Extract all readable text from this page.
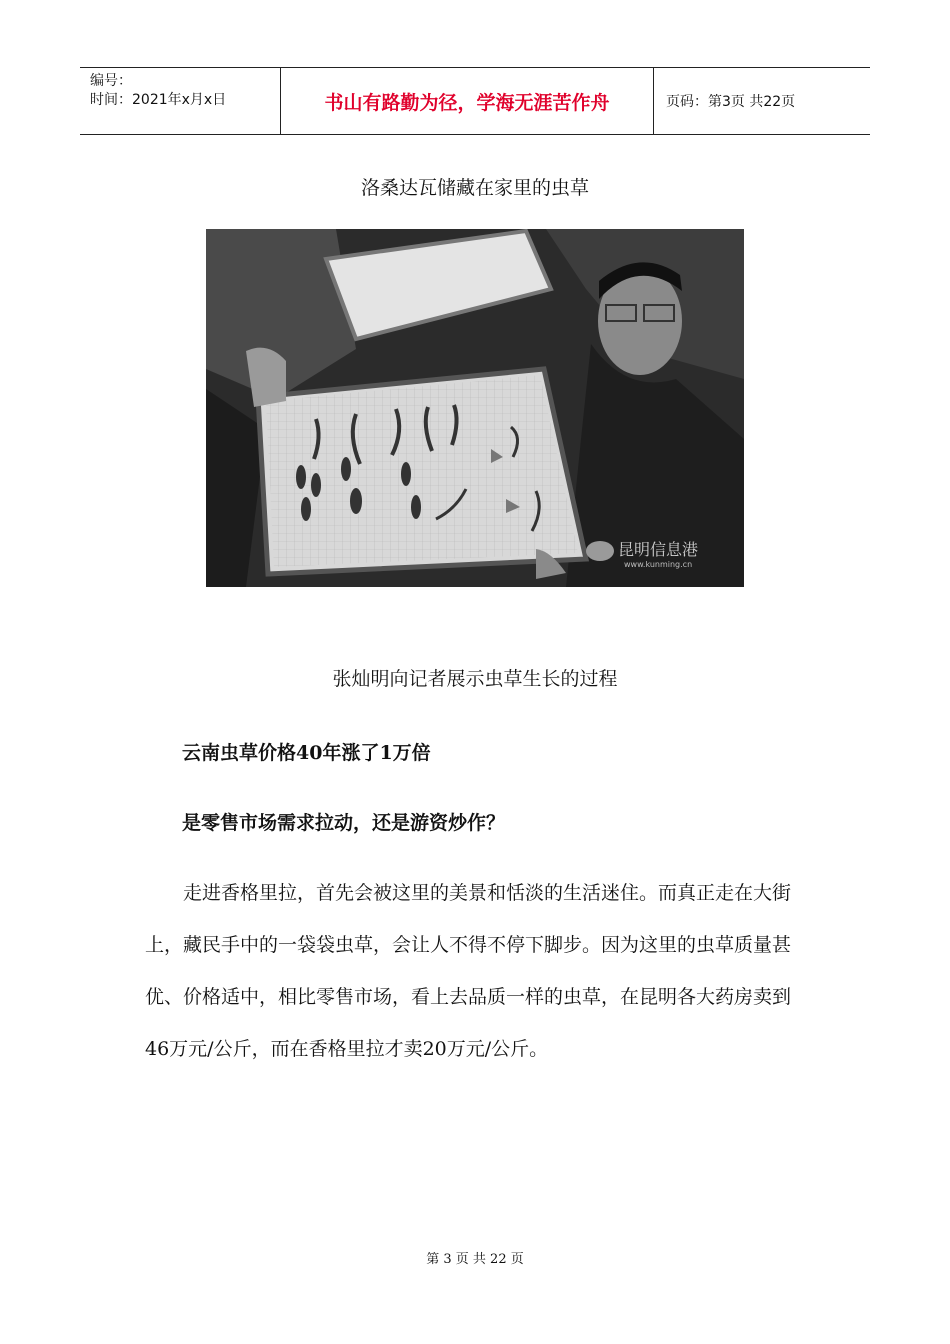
编号：
时间：2021年x月x日	书山有路勤为径，学海无涯苦作舟	页码：第3页 共22页
洛桑达瓦储藏在家里的虫草
昆明信息港
www.kunming.cn
张灿明向记者展示虫草生长的过程
云南虫草价格40年涨了1万倍
是零售市场需求拉动，还是游资炒作？

走进香格里拉，首先会被这里的美景和恬淡的生活迷住。而真正走在大街上，藏民手中的一袋袋虫草，会让人不得不停下脚步。因为这里的虫草质量甚优、价格适中，相比零售市场，看上去品质一样的虫草，在昆明各大药房卖到46万元/公斤，而在香格里拉才卖20万元/公斤。

第 3 页 共 22 页
